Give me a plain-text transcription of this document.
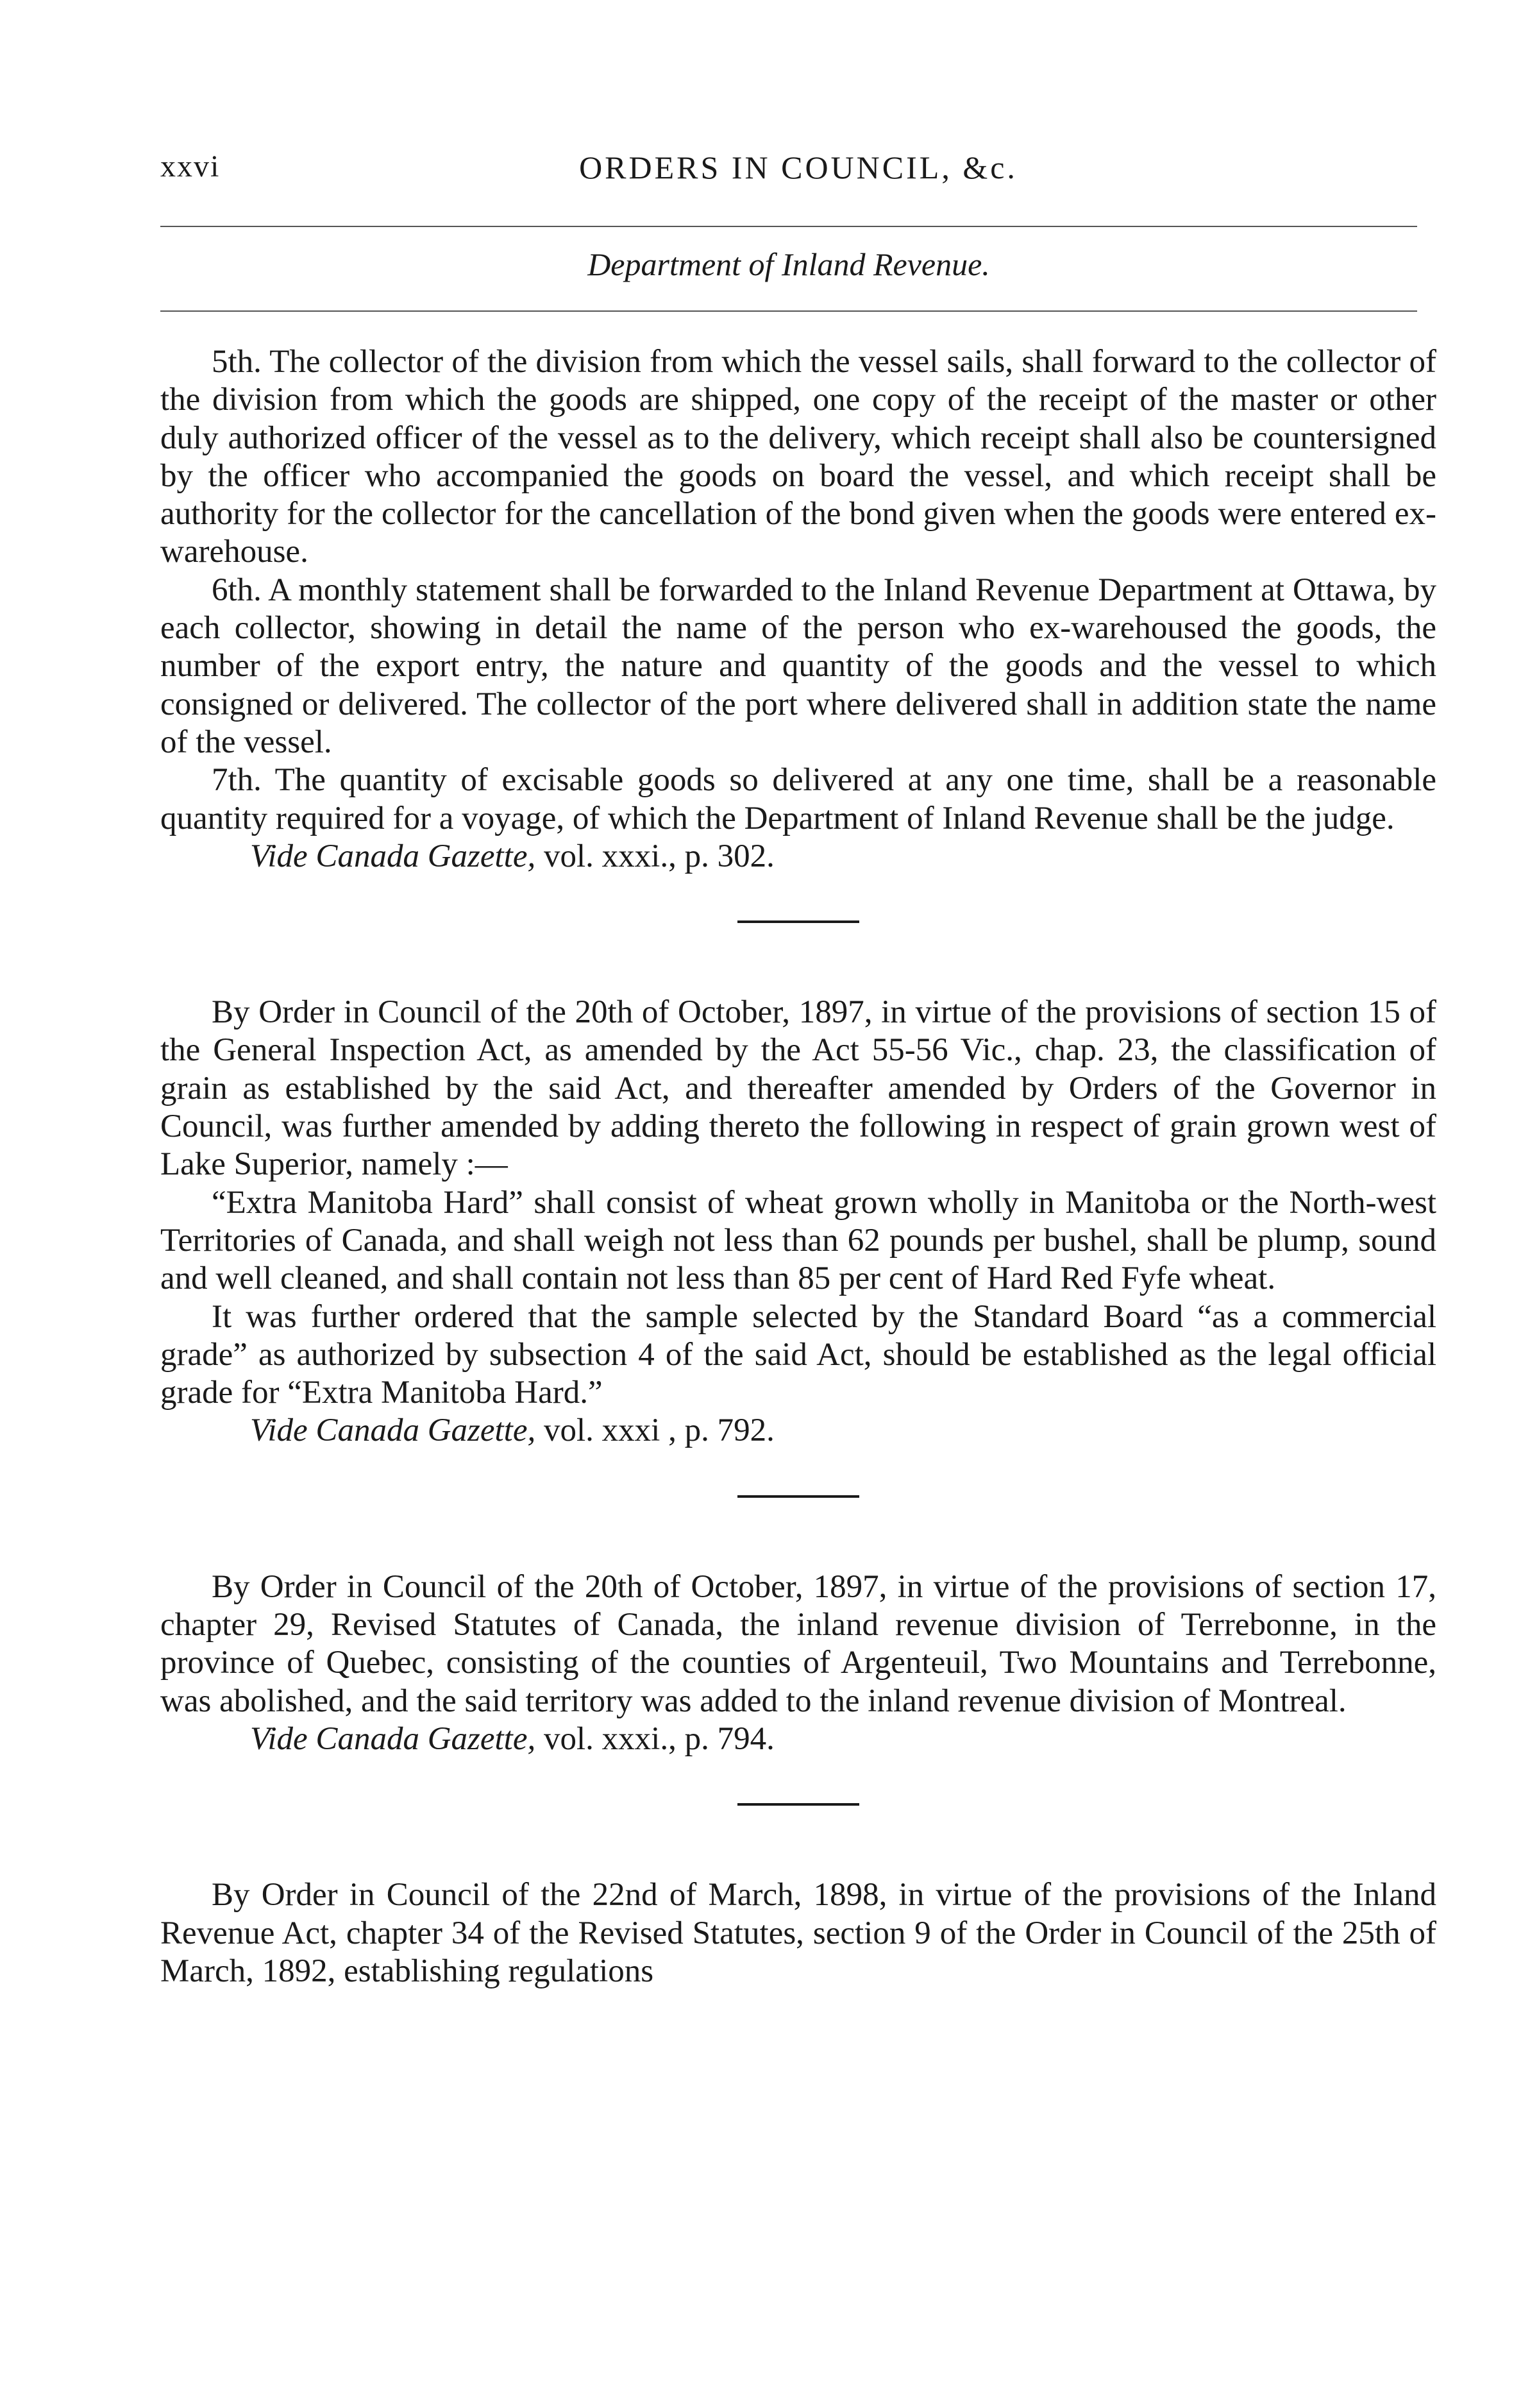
xxvi	ORDERS IN COUNCIL, &c.
Department of Inland Revenue.

5th. The collector of the division from which the vessel sails, shall forward to the collector of the division from which the goods are shipped, one copy of the receipt of the master or other duly authorized officer of the vessel as to the delivery, which receipt shall also be countersigned by the officer who accompanied the goods on board the vessel, and which receipt shall be authority for the collector for the cancellation of the bond given when the goods were entered ex-warehouse.

6th. A monthly statement shall be forwarded to the Inland Revenue Department at Ottawa, by each collector, showing in detail the name of the person who ex-warehoused the goods, the number of the export entry, the nature and quantity of the goods and the vessel to which consigned or delivered. The collector of the port where delivered shall in addition state the name of the vessel.

7th. The quantity of excisable goods so delivered at any one time, shall be a reasonable quantity required for a voyage, of which the Department of Inland Revenue shall be the judge.

Vide Canada Gazette, vol. xxxi., p. 302.

By Order in Council of the 20th of October, 1897, in virtue of the provisions of section 15 of the General Inspection Act, as amended by the Act 55-56 Vic., chap. 23, the classification of grain as established by the said Act, and thereafter amended by Orders of the Governor in Council, was further amended by adding thereto the following in respect of grain grown west of Lake Superior, namely :—

“Extra Manitoba Hard” shall consist of wheat grown wholly in Manitoba or the North-west Territories of Canada, and shall weigh not less than 62 pounds per bushel, shall be plump, sound and well cleaned, and shall contain not less than 85 per cent of Hard Red Fyfe wheat.

It was further ordered that the sample selected by the Standard Board “as a commercial grade” as authorized by subsection 4 of the said Act, should be established as the legal official grade for “Extra Manitoba Hard.”

Vide Canada Gazette, vol. xxxi , p. 792.

By Order in Council of the 20th of October, 1897, in virtue of the provisions of section 17, chapter 29, Revised Statutes of Canada, the inland revenue division of Terrebonne, in the province of Quebec, consisting of the counties of Argenteuil, Two Mountains and Terrebonne, was abolished, and the said territory was added to the inland revenue division of Montreal.

Vide Canada Gazette, vol. xxxi., p. 794.

By Order in Council of the 22nd of March, 1898, in virtue of the provisions of the Inland Revenue Act, chapter 34 of the Revised Statutes, section 9 of the Order in Council of the 25th of March, 1892, establishing regulations
